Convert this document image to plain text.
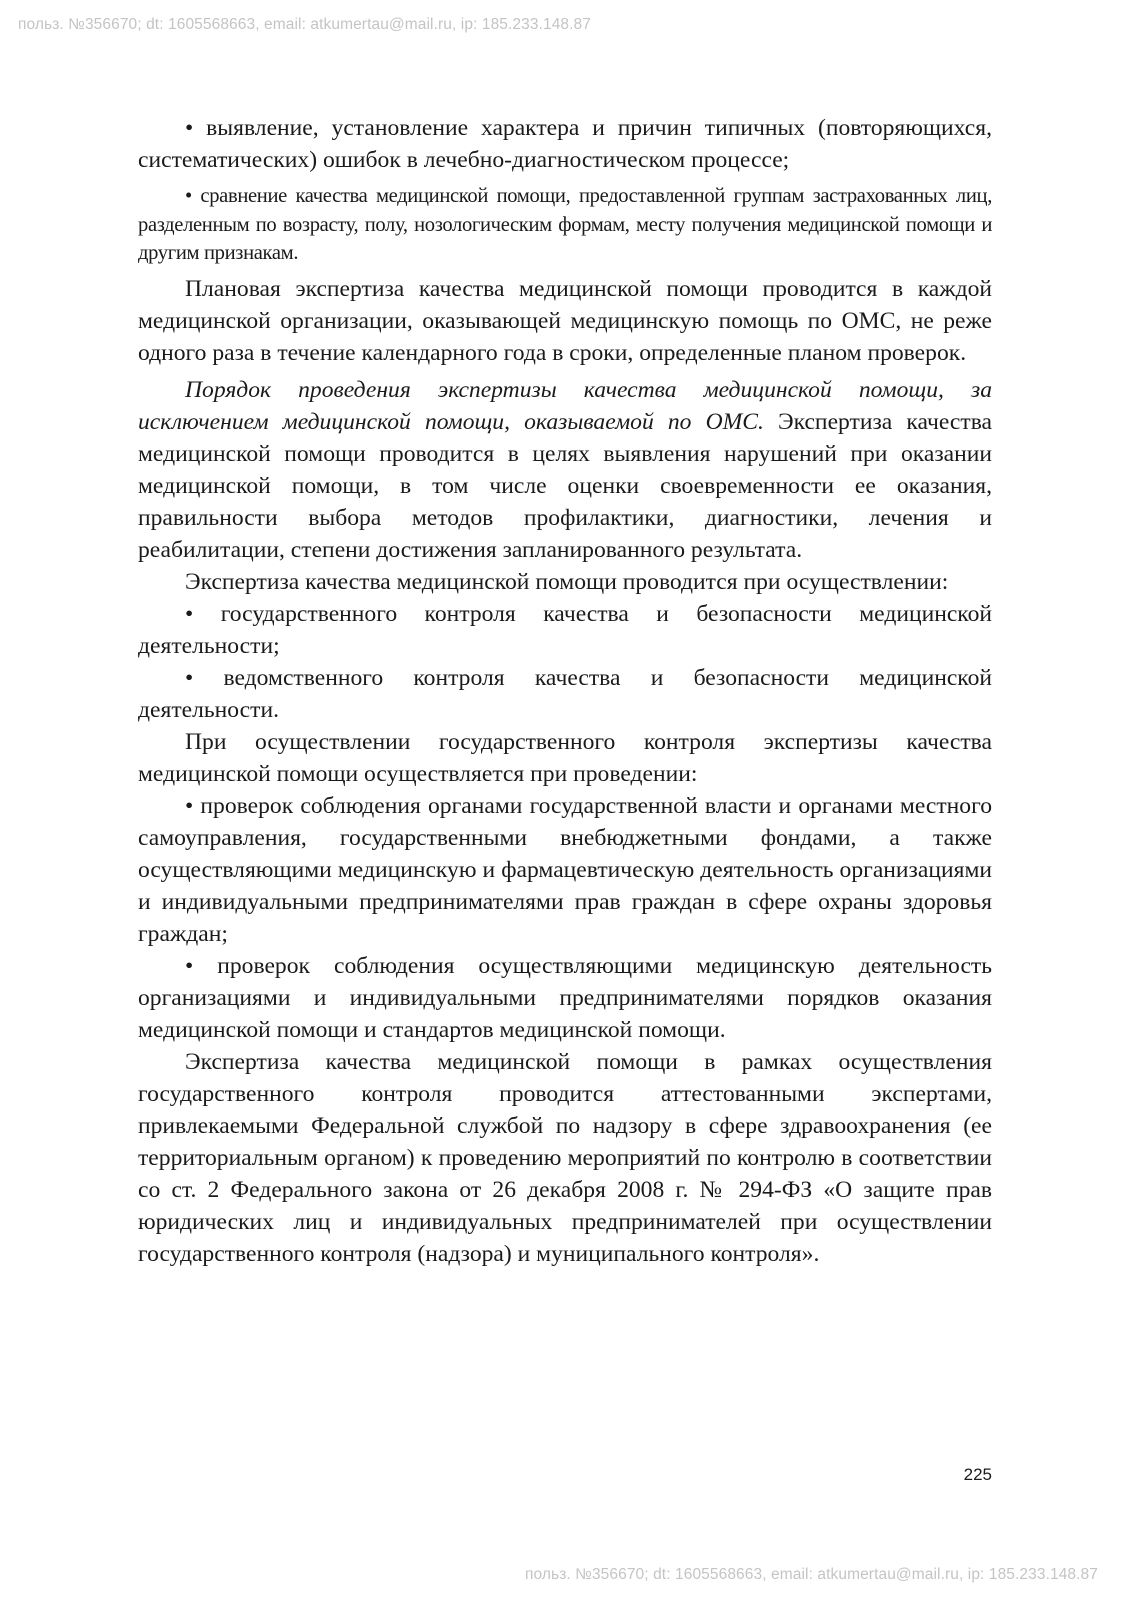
польз. №356670; dt: 1605568663, email: atkumertau@mail.ru, ip: 185.233.148.87

• выявление, установление характера и причин типичных (повторяющихся, систематических) ошибок в лечебно-диагностическом процессе;

• сравнение качества медицинской помощи, предоставленной группам застрахованных лиц, разделенным по возрасту, полу, нозологическим формам, месту получения медицинской помощи и другим признакам.

Плановая экспертиза качества медицинской помощи проводится в каждой медицинской организации, оказывающей медицинскую помощь по ОМС, не реже одного раза в течение календарного года в сроки, определенные планом проверок.

Порядок проведения экспертизы качества медицинской помощи, за исключением медицинской помощи, оказываемой по ОМС. Экспертиза качества медицинской помощи проводится в целях выявления нарушений при оказании медицинской помощи, в том числе оценки своевременности ее оказания, правильности выбора методов профилактики, диагностики, лечения и реабилитации, степени достижения запланированного результата.

Экспертиза качества медицинской помощи проводится при осуществлении:

• государственного контроля качества и безопасности медицинской деятельности;

• ведомственного контроля качества и безопасности медицинской деятельности.

При осуществлении государственного контроля экспертизы качества медицинской помощи осуществляется при проведении:

• проверок соблюдения органами государственной власти и органами местного самоуправления, государственными внебюджетными фондами, а также осуществляющими медицинскую и фармацевтическую деятельность организациями и индивидуальными предпринимателями прав граждан в сфере охраны здоровья граждан;

• проверок соблюдения осуществляющими медицинскую деятельность организациями и индивидуальными предпринимателями порядков оказания медицинской помощи и стандартов медицинской помощи.

Экспертиза качества медицинской помощи в рамках осуществления государственного контроля проводится аттестованными экспертами, привлекаемыми Федеральной службой по надзору в сфере здравоохранения (ее территориальным органом) к проведению мероприятий по контролю в соответствии со ст. 2 Федерального закона от 26 декабря 2008 г. № 294-ФЗ «О защите прав юридических лиц и индивидуальных предпринимателей при осуществлении государственного контроля (надзора) и муниципального контроля».

225
польз. №356670; dt: 1605568663, email: atkumertau@mail.ru, ip: 185.233.148.87
